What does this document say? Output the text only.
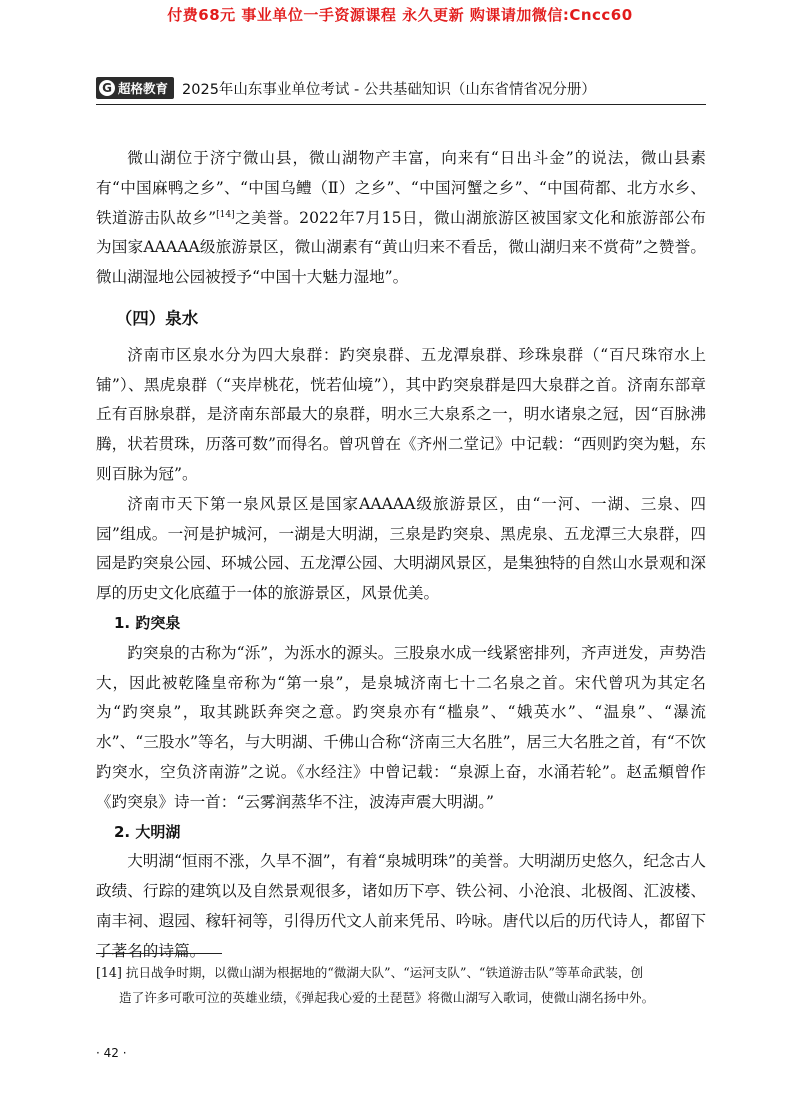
付费68元 事业单位一手资源课程 永久更新 购课请加微信:Cncc60
G 超格教育 2025年山东事业单位考试 - 公共基础知识（山东省情省况分册）

微山湖位于济宁微山县，微山湖物产丰富，向来有“日出斗金”的说法，微山县素有“中国麻鸭之乡”、“中国乌鳢（Ⅱ）之乡”、“中国河蟹之乡”、“中国荷都、北方水乡、铁道游击队故乡”[14]之美誉。2022年7月15日，微山湖旅游区被国家文化和旅游部公布为国家AAAAA级旅游景区，微山湖素有“黄山归来不看岳，微山湖归来不赏荷”之赞誉。微山湖湿地公园被授予“中国十大魅力湿地”。

（四）泉水

济南市区泉水分为四大泉群：趵突泉群、五龙潭泉群、珍珠泉群（“百尺珠帘水上铺”）、黑虎泉群（“夹岸桃花，恍若仙境”），其中趵突泉群是四大泉群之首。济南东部章丘有百脉泉群，是济南东部最大的泉群，明水三大泉系之一，明水诸泉之冠，因“百脉沸腾，状若贯珠，历落可数”而得名。曾巩曾在《齐州二堂记》中记载：“西则趵突为魁，东则百脉为冠”。

济南市天下第一泉风景区是国家AAAAA级旅游景区，由“一河、一湖、三泉、四园”组成。一河是护城河，一湖是大明湖，三泉是趵突泉、黑虎泉、五龙潭三大泉群，四园是趵突泉公园、环城公园、五龙潭公园、大明湖风景区，是集独特的自然山水景观和深厚的历史文化底蕴于一体的旅游景区，风景优美。

1. 趵突泉

趵突泉的古称为“泺”，为泺水的源头。三股泉水成一线紧密排列，齐声迸发，声势浩大，因此被乾隆皇帝称为“第一泉”，是泉城济南七十二名泉之首。宋代曾巩为其定名为“趵突泉”，取其跳跃奔突之意。趵突泉亦有“槛泉”、“娥英水”、“温泉”、“瀑流水”、“三股水”等名，与大明湖、千佛山合称“济南三大名胜”，居三大名胜之首，有“不饮趵突水，空负济南游”之说。《水经注》中曾记载：“泉源上奋，水涌若轮”。赵孟頫曾作《趵突泉》诗一首：“云雾润蒸华不注，波涛声震大明湖。”

2. 大明湖

大明湖“恒雨不涨，久旱不涸”，有着“泉城明珠”的美誉。大明湖历史悠久，纪念古人政绩、行踪的建筑以及自然景观很多，诸如历下亭、铁公祠、小沧浪、北极阁、汇波楼、南丰祠、遐园、稼轩祠等，引得历代文人前来凭吊、吟咏。唐代以后的历代诗人，都留下了著名的诗篇。

[14] 抗日战争时期，以微山湖为根据地的“微湖大队”、“运河支队”、“铁道游击队”等革命武装，创
造了许多可歌可泣的英雄业绩，《弹起我心爱的土琵琶》将微山湖写入歌词，使微山湖名扬中外。
· 42 ·
